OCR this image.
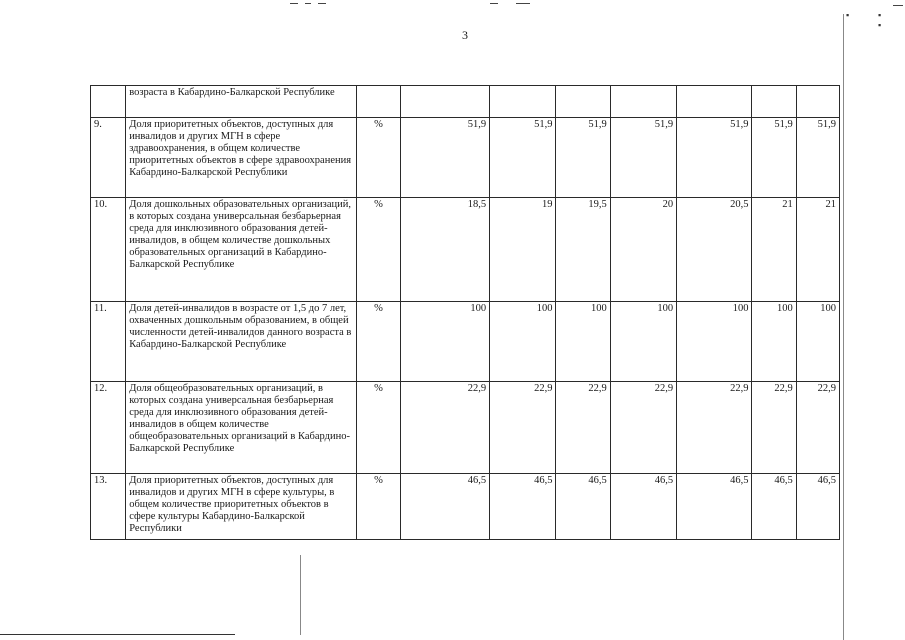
▪	▪
▪
3
	возраста в Кабардино-Балкарской Республике								
9.	Доля приоритетных объектов, доступных для инвалидов и других МГН в сфере здравоохранения, в общем количестве приоритетных объектов в сфере здравоохранения Кабардино-Балкарской Республики	%	51,9	51,9	51,9	51,9	51,9	51,9	51,9
10.	Доля дошкольных образовательных организаций, в которых создана универсальная безбарьерная среда для инклюзивного образования детей-инвалидов, в общем количестве дошкольных образовательных организаций в Кабардино-Балкарской Республике	%	18,5	19	19,5	20	20,5	21	21
11.	Доля детей-инвалидов в возрасте от 1,5 до 7 лет, охваченных дошкольным образованием, в общей численности детей-инвалидов данного возраста в Кабардино-Балкарской Республике	%	100	100	100	100	100	100	100
12.	Доля общеобразовательных организаций, в которых создана универсальная безбарьерная среда для инклюзивного образования детей-инвалидов в общем количестве общеобразовательных организаций в Кабардино-Балкарской Республике	%	22,9	22,9	22,9	22,9	22,9	22,9	22,9
13.	Доля приоритетных объектов, доступных для инвалидов и других МГН в сфере культуры, в общем количестве приоритетных объектов в сфере культуры Кабардино-Балкарской Республики	%	46,5	46,5	46,5	46,5	46,5	46,5	46,5
